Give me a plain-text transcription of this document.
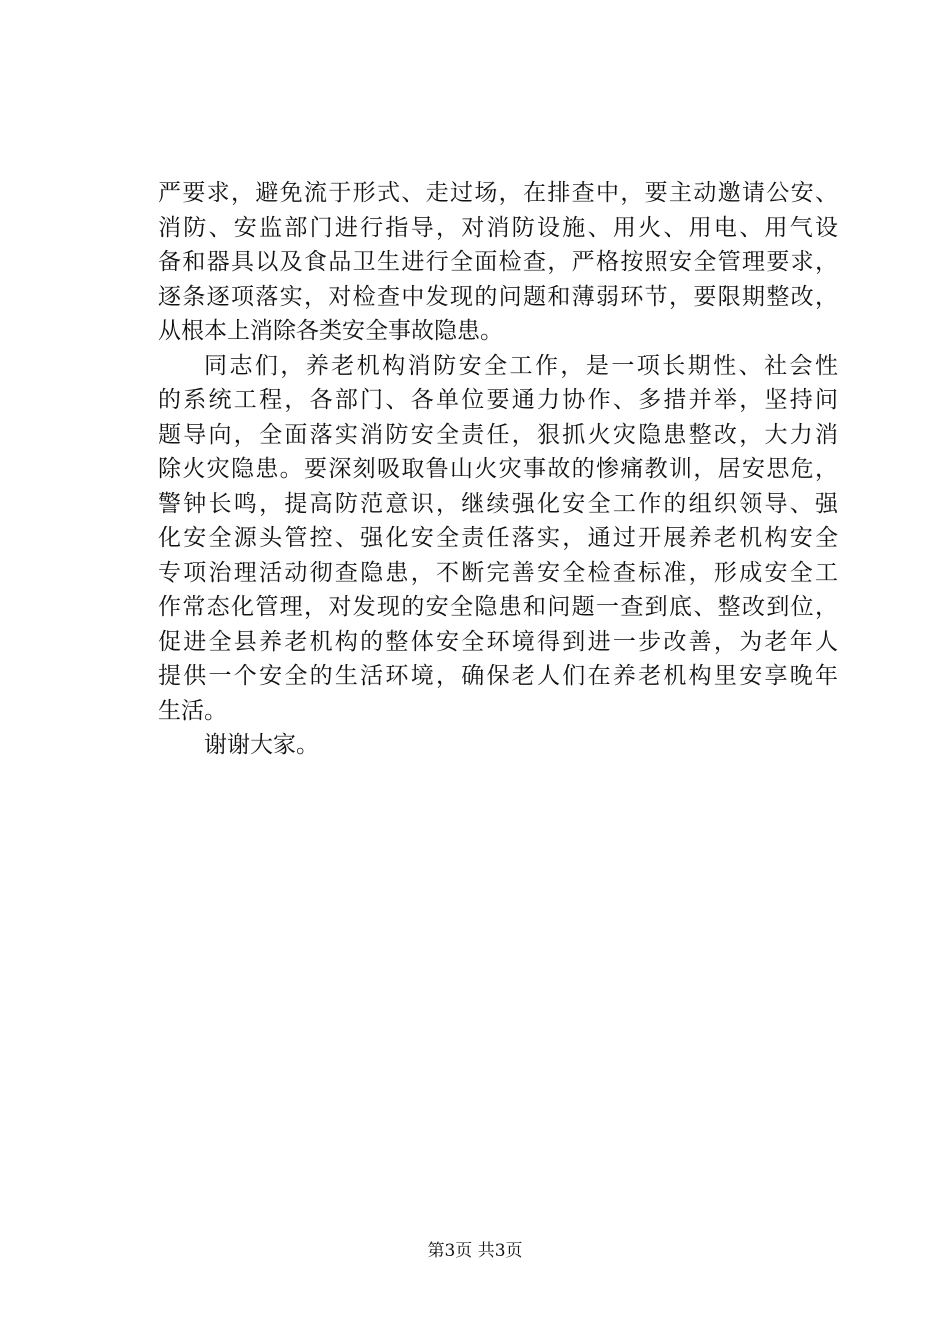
严要求，避免流于形式、走过场，在排查中，要主动邀请公安、
消防、安监部门进行指导，对消防设施、用火、用电、用气设
备和器具以及食品卫生进行全面检查，严格按照安全管理要求，
逐条逐项落实，对检查中发现的问题和薄弱环节，要限期整改，
从根本上消除各类安全事故隐患。
同志们，养老机构消防安全工作，是一项长期性、社会性
的系统工程，各部门、各单位要通力协作、多措并举，坚持问
题导向，全面落实消防安全责任，狠抓火灾隐患整改，大力消
除火灾隐患。要深刻吸取鲁山火灾事故的惨痛教训，居安思危，
警钟长鸣，提高防范意识，继续强化安全工作的组织领导、强
化安全源头管控、强化安全责任落实，通过开展养老机构安全
专项治理活动彻查隐患，不断完善安全检查标准，形成安全工
作常态化管理，对发现的安全隐患和问题一查到底、整改到位，
促进全县养老机构的整体安全环境得到进一步改善，为老年人
提供一个安全的生活环境，确保老人们在养老机构里安享晚年
生活。
谢谢大家。
第3页 共3页
